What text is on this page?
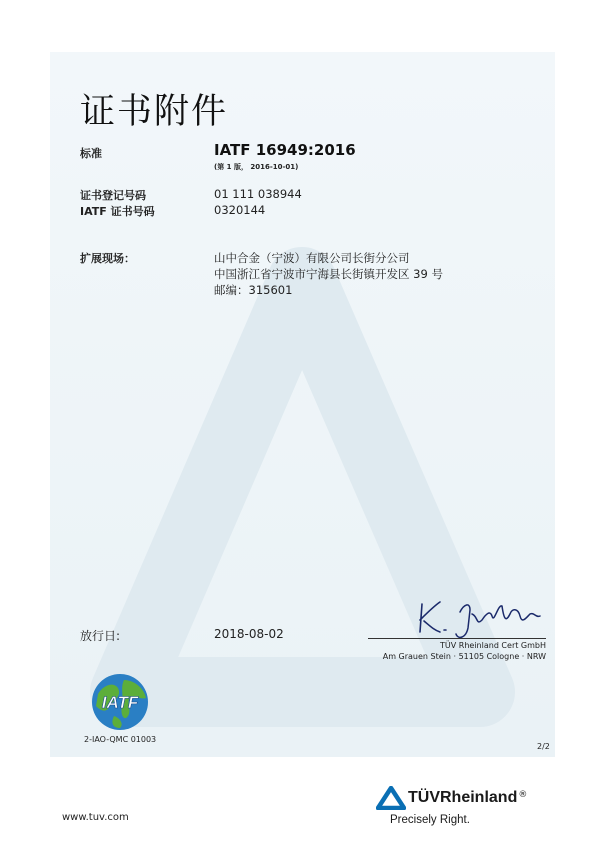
证书附件
标准	IATF 16949:2016
(第 1 版， 2016-10-01)
证书登记号码	01 111 038944
IATF 证书号码	0320144
扩展现场：	山中合金（宁波）有限公司长街分公司
中国浙江省宁波市宁海县长街镇开发区 39 号
邮编：315601
放行日:	2018-08-02
TÜV Rheinland Cert GmbH
Am Grauen Stein · 51105 Cologne · NRW
IATF
2-IAO-QMC 01003
2/2
www.tuv.com
TÜVRheinland ®
Precisely Right.
